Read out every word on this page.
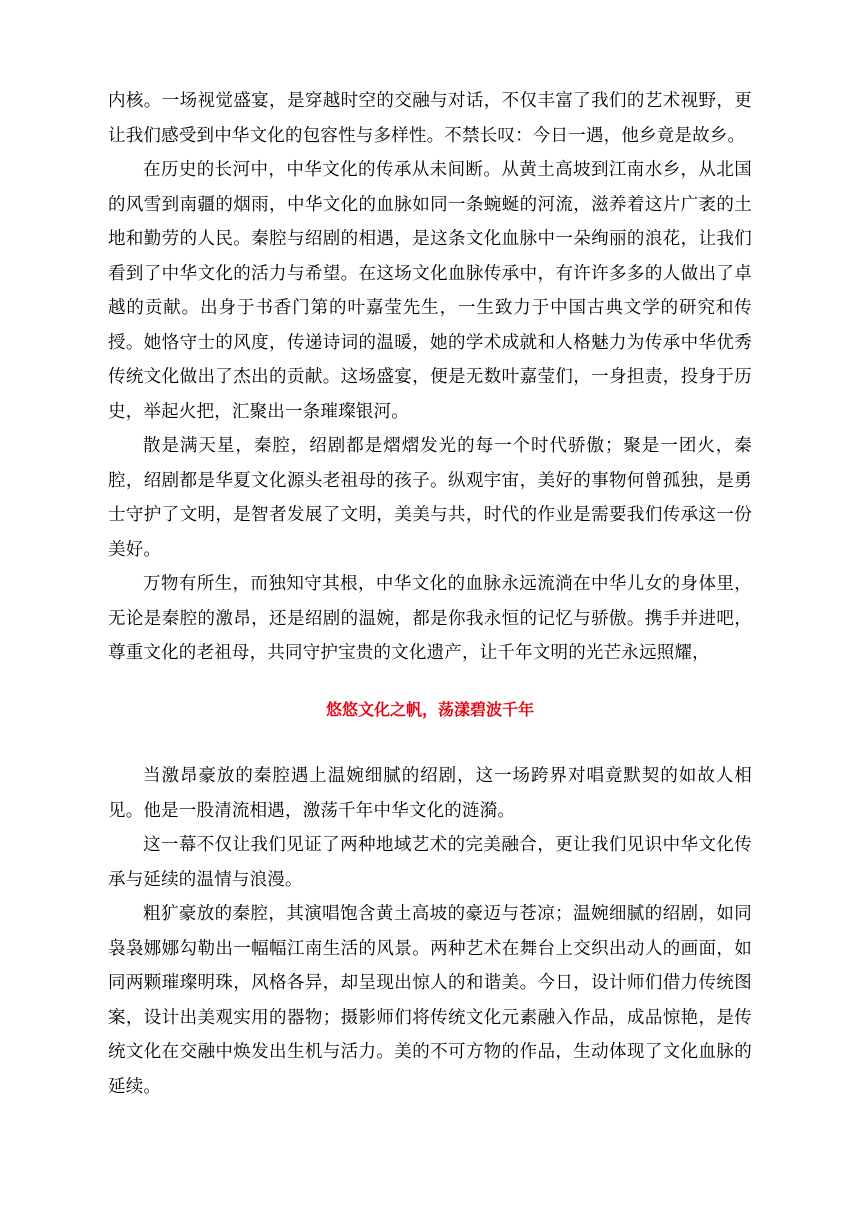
内核。一场视觉盛宴，是穿越时空的交融与对话，不仅丰富了我们的艺术视野，更让我们感受到中华文化的包容性与多样性。不禁长叹：今日一遇，他乡竟是故乡。

在历史的长河中，中华文化的传承从未间断。从黄土高坡到江南水乡，从北国的风雪到南疆的烟雨，中华文化的血脉如同一条蜿蜒的河流，滋养着这片广袤的土地和勤劳的人民。秦腔与绍剧的相遇，是这条文化血脉中一朵绚丽的浪花，让我们看到了中华文化的活力与希望。在这场文化血脉传承中，有许许多多的人做出了卓越的贡献。出身于书香门第的叶嘉莹先生，一生致力于中国古典文学的研究和传授。她恪守士的风度，传递诗词的温暖，她的学术成就和人格魅力为传承中华优秀传统文化做出了杰出的贡献。这场盛宴，便是无数叶嘉莹们，一身担责，投身于历史，举起火把，汇聚出一条璀璨银河。

散是满天星，秦腔，绍剧都是熠熠发光的每一个时代骄傲；聚是一团火，秦腔，绍剧都是华夏文化源头老祖母的孩子。纵观宇宙，美好的事物何曾孤独，是勇士守护了文明，是智者发展了文明，美美与共，时代的作业是需要我们传承这一份美好。

万物有所生，而独知守其根，中华文化的血脉永远流淌在中华儿女的身体里，无论是秦腔的激昂，还是绍剧的温婉，都是你我永恒的记忆与骄傲。携手并进吧，尊重文化的老祖母，共同守护宝贵的文化遗产，让千年文明的光芒永远照耀，

悠悠文化之帆，荡漾碧波千年

当激昂豪放的秦腔遇上温婉细腻的绍剧，这一场跨界对唱竟默契的如故人相见。他是一股清流相遇，激荡千年中华文化的涟漪。

这一幕不仅让我们见证了两种地域艺术的完美融合，更让我们见识中华文化传承与延续的温情与浪漫。

粗犷豪放的秦腔，其演唱饱含黄土高坡的豪迈与苍凉；温婉细腻的绍剧，如同袅袅娜娜勾勒出一幅幅江南生活的风景。两种艺术在舞台上交织出动人的画面，如同两颗璀璨明珠，风格各异，却呈现出惊人的和谐美。今日，设计师们借力传统图案，设计出美观实用的器物；摄影师们将传统文化元素融入作品，成品惊艳，是传统文化在交融中焕发出生机与活力。美的不可方物的作品，生动体现了文化血脉的延续。
